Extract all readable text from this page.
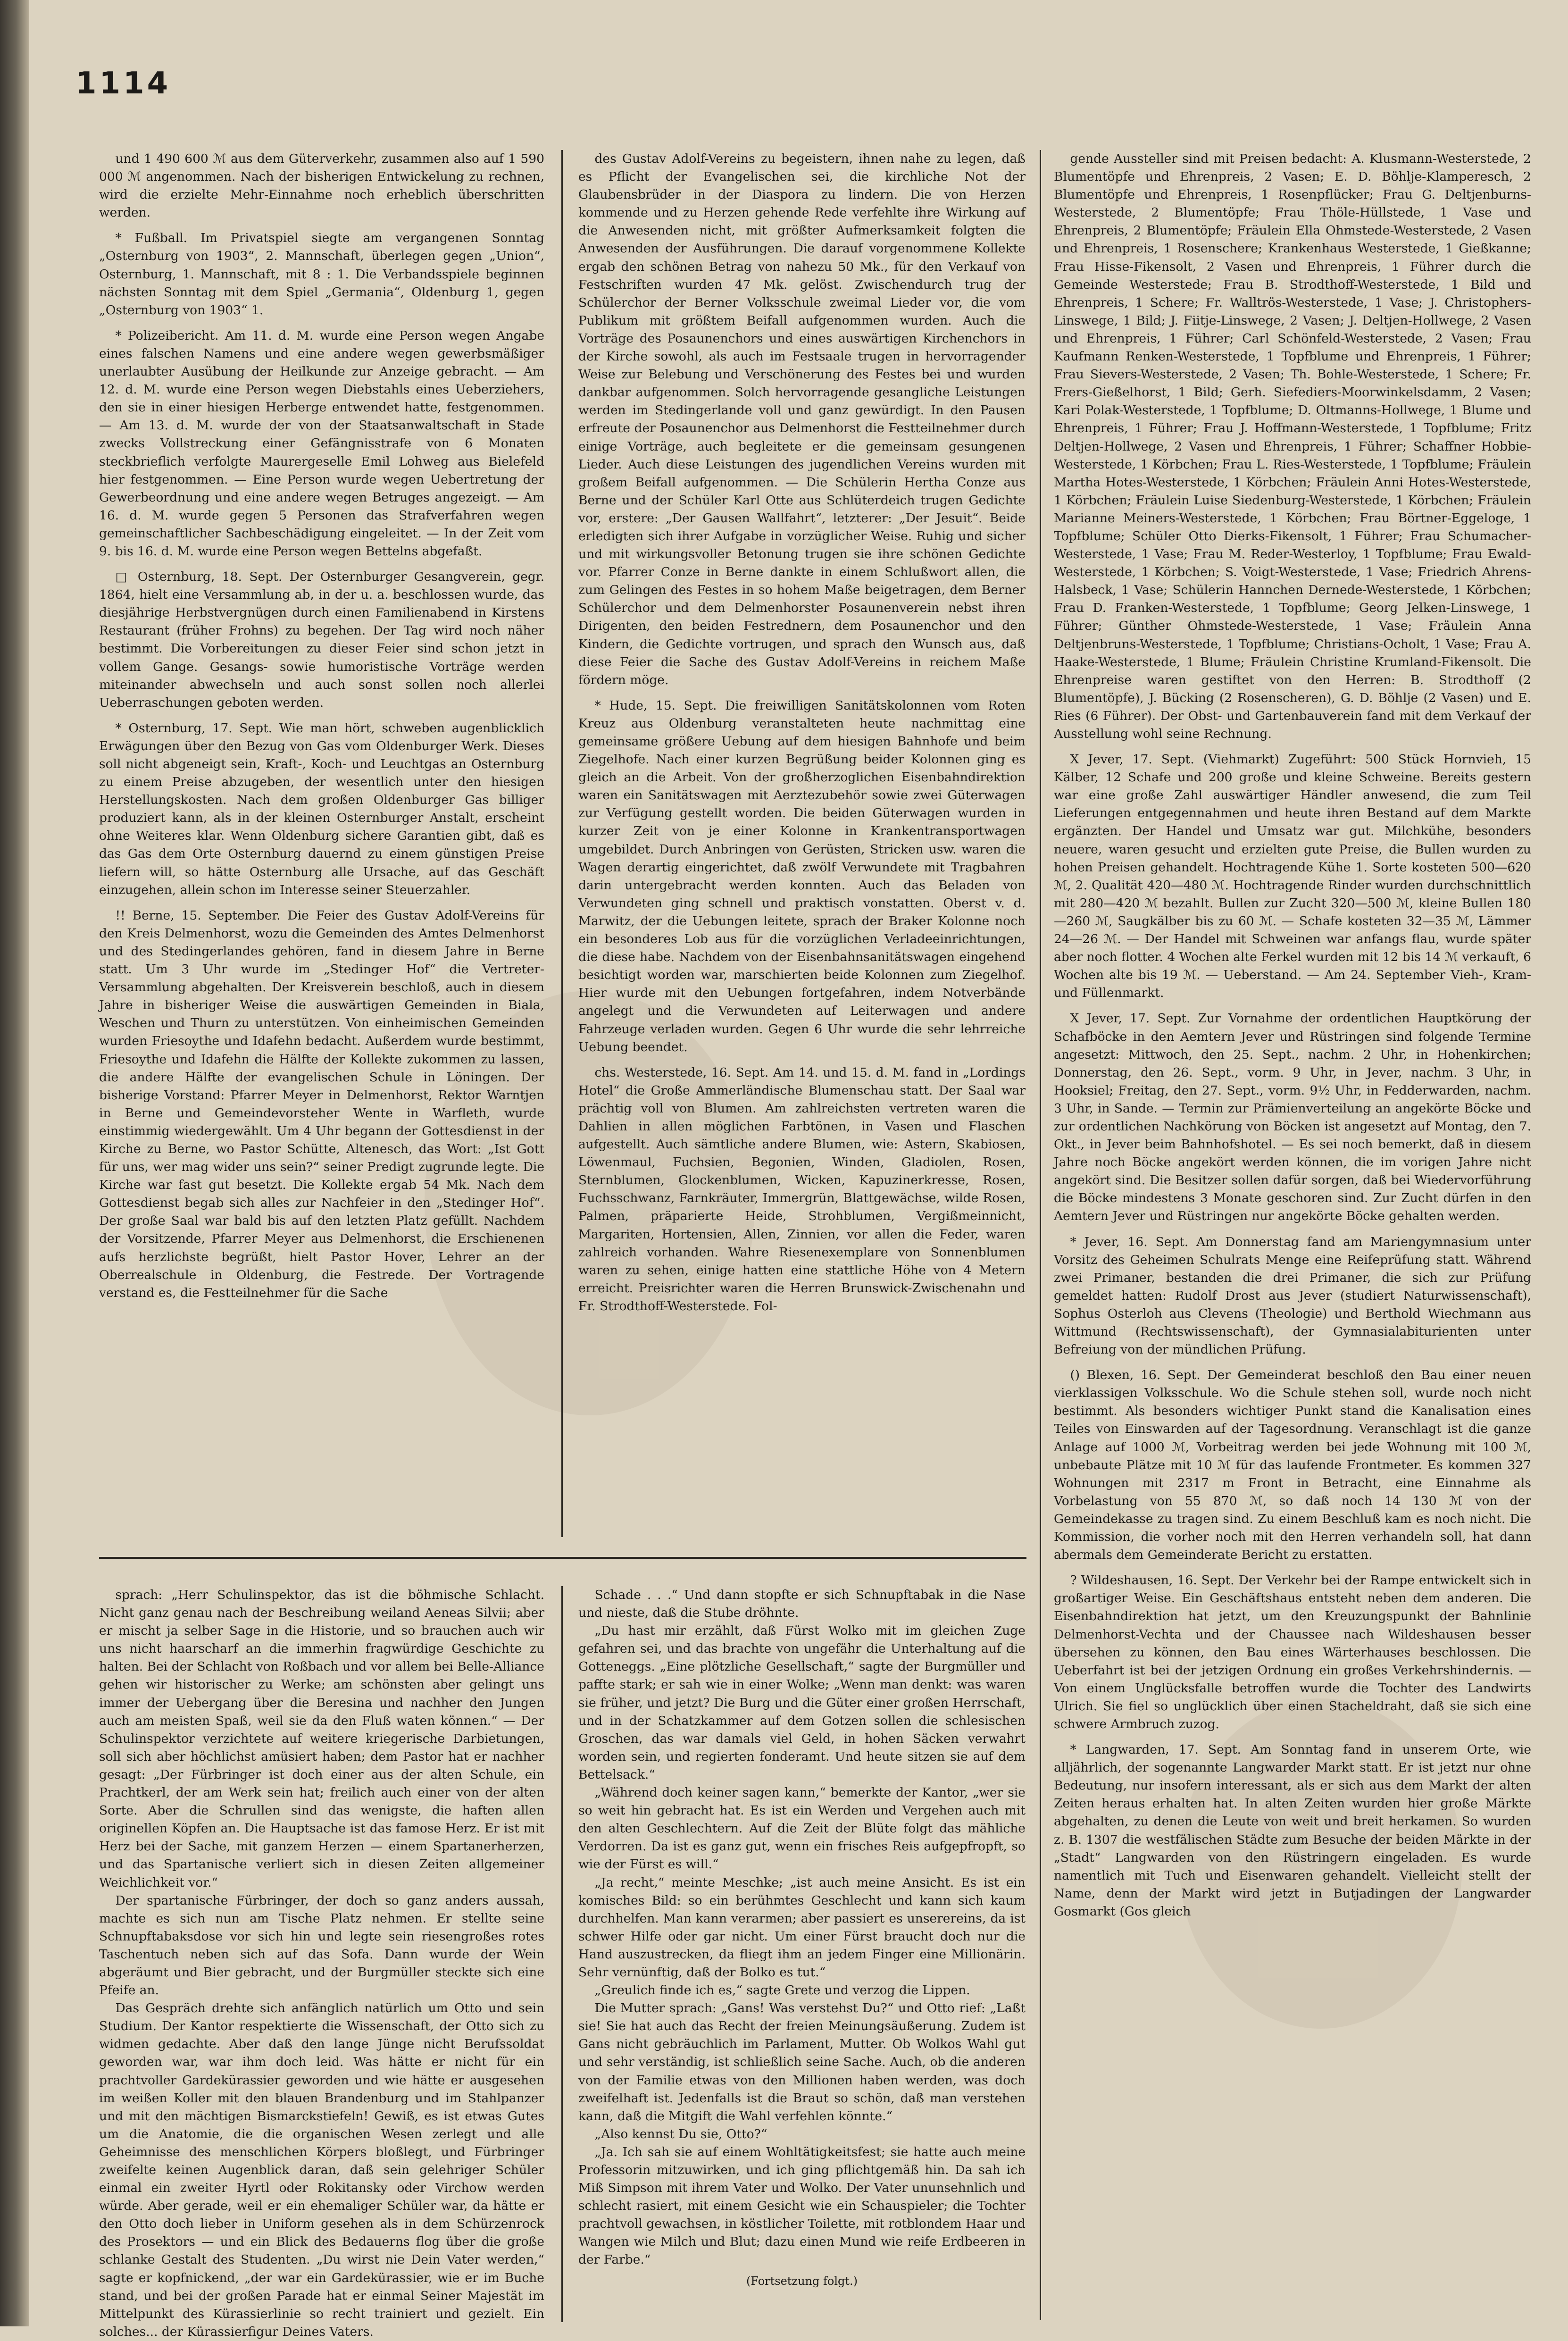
1114

und 1 490 600 ℳ aus dem Güterverkehr, zusammen also auf 1 590 000 ℳ angenommen. Nach der bisherigen Entwickelung zu rechnen, wird die erzielte Mehr-Einnahme noch erheblich überschritten werden.

* Fußball. Im Privatspiel siegte am vergangenen Sonntag „Osternburg von 1903“, 2. Mannschaft, überlegen gegen „Union“, Osternburg, 1. Mannschaft, mit 8 : 1. Die Verbandsspiele beginnen nächsten Sonntag mit dem Spiel „Germania“, Oldenburg 1, gegen „Osternburg von 1903“ 1.

* Polizeibericht. Am 11. d. M. wurde eine Person wegen Angabe eines falschen Namens und eine andere wegen gewerbsmäßiger unerlaubter Ausübung der Heilkunde zur Anzeige gebracht. — Am 12. d. M. wurde eine Person wegen Diebstahls eines Ueberziehers, den sie in einer hiesigen Herberge entwendet hatte, festgenommen. — Am 13. d. M. wurde der von der Staatsanwaltschaft in Stade zwecks Vollstreckung einer Gefängnisstrafe von 6 Monaten steckbrieflich verfolgte Maurergeselle Emil Lohweg aus Bielefeld hier festgenommen. — Eine Person wurde wegen Uebertretung der Gewerbeordnung und eine andere wegen Betruges angezeigt. — Am 16. d. M. wurde gegen 5 Personen das Strafverfahren wegen gemeinschaftlicher Sachbeschädigung eingeleitet. — In der Zeit vom 9. bis 16. d. M. wurde eine Person wegen Bettelns abgefaßt.

□ Osternburg, 18. Sept. Der Osternburger Gesangverein, gegr. 1864, hielt eine Versammlung ab, in der u. a. beschlossen wurde, das diesjährige Herbstvergnügen durch einen Familienabend in Kirstens Restaurant (früher Frohns) zu begehen. Der Tag wird noch näher bestimmt. Die Vorbereitungen zu dieser Feier sind schon jetzt in vollem Gange. Gesangs- sowie humoristische Vorträge werden miteinander abwechseln und auch sonst sollen noch allerlei Ueberraschungen geboten werden.

* Osternburg, 17. Sept. Wie man hört, schweben augenblicklich Erwägungen über den Bezug von Gas vom Oldenburger Werk. Dieses soll nicht abgeneigt sein, Kraft-, Koch- und Leuchtgas an Osternburg zu einem Preise abzugeben, der wesentlich unter den hiesigen Herstellungskosten. Nach dem großen Oldenburger Gas billiger produziert kann, als in der kleinen Osternburger Anstalt, erscheint ohne Weiteres klar. Wenn Oldenburg sichere Garantien gibt, daß es das Gas dem Orte Osternburg dauernd zu einem günstigen Preise liefern will, so hätte Osternburg alle Ursache, auf das Geschäft einzugehen, allein schon im Interesse seiner Steuerzahler.

!! Berne, 15. September. Die Feier des Gustav Adolf-Vereins für den Kreis Delmenhorst, wozu die Gemeinden des Amtes Delmenhorst und des Stedingerlandes gehören, fand in diesem Jahre in Berne statt. Um 3 Uhr wurde im „Stedinger Hof“ die Vertreter-Versammlung abgehalten. Der Kreisverein beschloß, auch in diesem Jahre in bisheriger Weise die auswärtigen Gemeinden in Biala, Weschen und Thurn zu unterstützen. Von einheimischen Gemeinden wurden Friesoythe und Idafehn bedacht. Außerdem wurde bestimmt, Friesoythe und Idafehn die Hälfte der Kollekte zukommen zu lassen, die andere Hälfte der evangelischen Schule in Löningen. Der bisherige Vorstand: Pfarrer Meyer in Delmenhorst, Rektor Warntjen in Berne und Gemeindevorsteher Wente in Warfleth, wurde einstimmig wiedergewählt. Um 4 Uhr begann der Gottesdienst in der Kirche zu Berne, wo Pastor Schütte, Altenesch, das Wort: „Ist Gott für uns, wer mag wider uns sein?“ seiner Predigt zugrunde legte. Die Kirche war fast gut besetzt. Die Kollekte ergab 54 Mk. Nach dem Gottesdienst begab sich alles zur Nachfeier in den „Stedinger Hof“. Der große Saal war bald bis auf den letzten Platz gefüllt. Nachdem der Vorsitzende, Pfarrer Meyer aus Delmenhorst, die Erschienenen aufs herzlichste begrüßt, hielt Pastor Hover, Lehrer an der Oberrealschule in Oldenburg, die Festrede. Der Vortragende verstand es, die Festteilnehmer für die Sache

des Gustav Adolf-Vereins zu begeistern, ihnen nahe zu legen, daß es Pflicht der Evangelischen sei, die kirchliche Not der Glaubensbrüder in der Diaspora zu lindern. Die von Herzen kommende und zu Herzen gehende Rede verfehlte ihre Wirkung auf die Anwesenden nicht, mit größter Aufmerksamkeit folgten die Anwesenden der Ausführungen. Die darauf vorgenommene Kollekte ergab den schönen Betrag von nahezu 50 Mk., für den Verkauf von Festschriften wurden 47 Mk. gelöst. Zwischendurch trug der Schülerchor der Berner Volksschule zweimal Lieder vor, die vom Publikum mit größtem Beifall aufgenommen wurden. Auch die Vorträge des Posaunenchors und eines auswärtigen Kirchenchors in der Kirche sowohl, als auch im Festsaale trugen in hervorragender Weise zur Belebung und Verschönerung des Festes bei und wurden dankbar aufgenommen. Solch hervorragende gesangliche Leistungen werden im Stedingerlande voll und ganz gewürdigt. In den Pausen erfreute der Posaunenchor aus Delmenhorst die Festteilnehmer durch einige Vorträge, auch begleitete er die gemeinsam gesungenen Lieder. Auch diese Leistungen des jugendlichen Vereins wurden mit großem Beifall aufgenommen. — Die Schülerin Hertha Conze aus Berne und der Schüler Karl Otte aus Schlüterdeich trugen Gedichte vor, erstere: „Der Gausen Wallfahrt“, letzterer: „Der Jesuit“. Beide erledigten sich ihrer Aufgabe in vorzüglicher Weise. Ruhig und sicher und mit wirkungsvoller Betonung trugen sie ihre schönen Gedichte vor. Pfarrer Conze in Berne dankte in einem Schlußwort allen, die zum Gelingen des Festes in so hohem Maße beigetragen, dem Berner Schülerchor und dem Delmenhorster Posaunenverein nebst ihren Dirigenten, den beiden Festrednern, dem Posaunenchor und den Kindern, die Gedichte vortrugen, und sprach den Wunsch aus, daß diese Feier die Sache des Gustav Adolf-Vereins in reichem Maße fördern möge.

* Hude, 15. Sept. Die freiwilligen Sanitätskolonnen vom Roten Kreuz aus Oldenburg veranstalteten heute nachmittag eine gemeinsame größere Uebung auf dem hiesigen Bahnhofe und beim Ziegelhofe. Nach einer kurzen Begrüßung beider Kolonnen ging es gleich an die Arbeit. Von der großherzoglichen Eisenbahndirektion waren ein Sanitätswagen mit Aerztezubehör sowie zwei Güterwagen zur Verfügung gestellt worden. Die beiden Güterwagen wurden in kurzer Zeit von je einer Kolonne in Krankentransportwagen umgebildet. Durch Anbringen von Gerüsten, Stricken usw. waren die Wagen derartig eingerichtet, daß zwölf Verwundete mit Tragbahren darin untergebracht werden konnten. Auch das Beladen von Verwundeten ging schnell und praktisch vonstatten. Oberst v. d. Marwitz, der die Uebungen leitete, sprach der Braker Kolonne noch ein besonderes Lob aus für die vorzüglichen Verladeeinrichtungen, die diese habe. Nachdem von der Eisenbahnsanitätswagen eingehend besichtigt worden war, marschierten beide Kolonnen zum Ziegelhof. Hier wurde mit den Uebungen fortgefahren, indem Notverbände angelegt und die Verwundeten auf Leiterwagen und andere Fahrzeuge verladen wurden. Gegen 6 Uhr wurde die sehr lehrreiche Uebung beendet.

chs. Westerstede, 16. Sept. Am 14. und 15. d. M. fand in „Lordings Hotel“ die Große Ammerländische Blumenschau statt. Der Saal war prächtig voll von Blumen. Am zahlreichsten vertreten waren die Dahlien in allen möglichen Farbtönen, in Vasen und Flaschen aufgestellt. Auch sämtliche andere Blumen, wie: Astern, Skabiosen, Löwenmaul, Fuchsien, Begonien, Winden, Gladiolen, Rosen, Sternblumen, Glockenblumen, Wicken, Kapuzinerkresse, Rosen, Fuchsschwanz, Farnkräuter, Immergrün, Blattgewächse, wilde Rosen, Palmen, präparierte Heide, Strohblumen, Vergißmeinnicht, Margariten, Hortensien, Allen, Zinnien, vor allen die Feder, waren zahlreich vorhanden. Wahre Riesenexemplare von Sonnenblumen waren zu sehen, einige hatten eine stattliche Höhe von 4 Metern erreicht. Preisrichter waren die Herren Brunswick-Zwischenahn und Fr. Strodthoff-Westerstede. Fol-

gende Aussteller sind mit Preisen bedacht: A. Klusmann-Westerstede, 2 Blumentöpfe und Ehrenpreis, 2 Vasen; E. D. Böhlje-Klamperesch, 2 Blumentöpfe und Ehrenpreis, 1 Rosenpflücker; Frau G. Deltjenburns-Westerstede, 2 Blumentöpfe; Frau Thöle-Hüllstede, 1 Vase und Ehrenpreis, 2 Blumentöpfe; Fräulein Ella Ohmstede-Westerstede, 2 Vasen und Ehrenpreis, 1 Rosenschere; Krankenhaus Westerstede, 1 Gießkanne; Frau Hisse-Fikensolt, 2 Vasen und Ehrenpreis, 1 Führer durch die Gemeinde Westerstede; Frau B. Strodthoff-Westerstede, 1 Bild und Ehrenpreis, 1 Schere; Fr. Walltrös-Westerstede, 1 Vase; J. Christophers-Linswege, 1 Bild; J. Fiitje-Linswege, 2 Vasen; J. Deltjen-Hollwege, 2 Vasen und Ehrenpreis, 1 Führer; Carl Schönfeld-Westerstede, 2 Vasen; Frau Kaufmann Renken-Westerstede, 1 Topfblume und Ehrenpreis, 1 Führer; Frau Sievers-Westerstede, 2 Vasen; Th. Bohle-Westerstede, 1 Schere; Fr. Frers-Gießelhorst, 1 Bild; Gerh. Siefediers-Moorwinkelsdamm, 2 Vasen; Kari Polak-Westerstede, 1 Topfblume; D. Oltmanns-Hollwege, 1 Blume und Ehrenpreis, 1 Führer; Frau J. Hoffmann-Westerstede, 1 Topfblume; Fritz Deltjen-Hollwege, 2 Vasen und Ehrenpreis, 1 Führer; Schaffner Hobbie-Westerstede, 1 Körbchen; Frau L. Ries-Westerstede, 1 Topfblume; Fräulein Martha Hotes-Westerstede, 1 Körbchen; Fräulein Anni Hotes-Westerstede, 1 Körbchen; Fräulein Luise Siedenburg-Westerstede, 1 Körbchen; Fräulein Marianne Meiners-Westerstede, 1 Körbchen; Frau Börtner-Eggeloge, 1 Topfblume; Schüler Otto Dierks-Fikensolt, 1 Führer; Frau Schumacher-Westerstede, 1 Vase; Frau M. Reder-Westerloy, 1 Topfblume; Frau Ewald-Westerstede, 1 Körbchen; S. Voigt-Westerstede, 1 Vase; Friedrich Ahrens-Halsbeck, 1 Vase; Schülerin Hannchen Dernede-Westerstede, 1 Körbchen; Frau D. Franken-Westerstede, 1 Topfblume; Georg Jelken-Linswege, 1 Führer; Günther Ohmstede-Westerstede, 1 Vase; Fräulein Anna Deltjenbruns-Westerstede, 1 Topfblume; Christians-Ocholt, 1 Vase; Frau A. Haake-Westerstede, 1 Blume; Fräulein Christine Krumland-Fikensolt. Die Ehrenpreise waren gestiftet von den Herren: B. Strodthoff (2 Blumentöpfe), J. Bücking (2 Rosenscheren), G. D. Böhlje (2 Vasen) und E. Ries (6 Führer). Der Obst- und Gartenbauverein fand mit dem Verkauf der Ausstellung wohl seine Rechnung.

X Jever, 17. Sept. (Viehmarkt) Zugeführt: 500 Stück Hornvieh, 15 Kälber, 12 Schafe und 200 große und kleine Schweine. Bereits gestern war eine große Zahl auswärtiger Händler anwesend, die zum Teil Lieferungen entgegennahmen und heute ihren Bestand auf dem Markte ergänzten. Der Handel und Umsatz war gut. Milchkühe, besonders neuere, waren gesucht und erzielten gute Preise, die Bullen wurden zu hohen Preisen gehandelt. Hochtragende Kühe 1. Sorte kosteten 500—620 ℳ, 2. Qualität 420—480 ℳ. Hochtragende Rinder wurden durchschnittlich mit 280—420 ℳ bezahlt. Bullen zur Zucht 320—500 ℳ, kleine Bullen 180—260 ℳ, Saugkälber bis zu 60 ℳ. — Schafe kosteten 32—35 ℳ, Lämmer 24—26 ℳ. — Der Handel mit Schweinen war anfangs flau, wurde später aber noch flotter. 4 Wochen alte Ferkel wurden mit 12 bis 14 ℳ verkauft, 6 Wochen alte bis 19 ℳ. — Ueberstand. — Am 24. September Vieh-, Kram- und Füllenmarkt.

X Jever, 17. Sept. Zur Vornahme der ordentlichen Hauptkörung der Schafböcke in den Aemtern Jever und Rüstringen sind folgende Termine angesetzt: Mittwoch, den 25. Sept., nachm. 2 Uhr, in Hohenkirchen; Donnerstag, den 26. Sept., vorm. 9 Uhr, in Jever, nachm. 3 Uhr, in Hooksiel; Freitag, den 27. Sept., vorm. 9½ Uhr, in Fedderwarden, nachm. 3 Uhr, in Sande. — Termin zur Prämienverteilung an angekörte Böcke und zur ordentlichen Nachkörung von Böcken ist angesetzt auf Montag, den 7. Okt., in Jever beim Bahnhofshotel. — Es sei noch bemerkt, daß in diesem Jahre noch Böcke angekört werden können, die im vorigen Jahre nicht angekört sind. Die Besitzer sollen dafür sorgen, daß bei Wiedervorführung die Böcke mindestens 3 Monate geschoren sind. Zur Zucht dürfen in den Aemtern Jever und Rüstringen nur angekörte Böcke gehalten werden.

* Jever, 16. Sept. Am Donnerstag fand am Mariengymnasium unter Vorsitz des Geheimen Schulrats Menge eine Reifeprüfung statt. Während zwei Primaner, bestanden die drei Primaner, die sich zur Prüfung gemeldet hatten: Rudolf Drost aus Jever (studiert Naturwissenschaft), Sophus Osterloh aus Clevens (Theologie) und Berthold Wiechmann aus Wittmund (Rechtswissenschaft), der Gymnasialabiturienten unter Befreiung von der mündlichen Prüfung.

() Blexen, 16. Sept. Der Gemeinderat beschloß den Bau einer neuen vierklassigen Volksschule. Wo die Schule stehen soll, wurde noch nicht bestimmt. Als besonders wichtiger Punkt stand die Kanalisation eines Teiles von Einswarden auf der Tagesordnung. Veranschlagt ist die ganze Anlage auf 1000 ℳ, Vorbeitrag werden bei jede Wohnung mit 100 ℳ, unbebaute Plätze mit 10 ℳ für das laufende Frontmeter. Es kommen 327 Wohnungen mit 2317 m Front in Betracht, eine Einnahme als Vorbelastung von 55 870 ℳ, so daß noch 14 130 ℳ von der Gemeindekasse zu tragen sind. Zu einem Beschluß kam es noch nicht. Die Kommission, die vorher noch mit den Herren verhandeln soll, hat dann abermals dem Gemeinderate Bericht zu erstatten.

? Wildeshausen, 16. Sept. Der Verkehr bei der Rampe entwickelt sich in großartiger Weise. Ein Geschäftshaus entsteht neben dem anderen. Die Eisenbahndirektion hat jetzt, um den Kreuzungspunkt der Bahnlinie Delmenhorst-Vechta und der Chaussee nach Wildeshausen besser übersehen zu können, den Bau eines Wärterhauses beschlossen. Die Ueberfahrt ist bei der jetzigen Ordnung ein großes Verkehrshindernis. — Von einem Unglücksfalle betroffen wurde die Tochter des Landwirts Ulrich. Sie fiel so unglücklich über einen Stacheldraht, daß sie sich eine schwere Armbruch zuzog.

* Langwarden, 17. Sept. Am Sonntag fand in unserem Orte, wie alljährlich, der sogenannte Langwarder Markt statt. Er ist jetzt nur ohne Bedeutung, nur insofern interessant, als er sich aus dem Markt der alten Zeiten heraus erhalten hat. In alten Zeiten wurden hier große Märkte abgehalten, zu denen die Leute von weit und breit herkamen. So wurden z. B. 1307 die westfälischen Städte zum Besuche der beiden Märkte in der „Stadt“ Langwarden von den Rüstringern eingeladen. Es wurde namentlich mit Tuch und Eisenwaren gehandelt. Vielleicht stellt der Name, denn der Markt wird jetzt in Butjadingen der Langwarder Gosmarkt (Gos gleich

sprach: „Herr Schulinspektor, das ist die böhmische Schlacht. Nicht ganz genau nach der Beschreibung weiland Aeneas Silvii; aber er mischt ja selber Sage in die Historie, und so brauchen auch wir uns nicht haarscharf an die immerhin fragwürdige Geschichte zu halten. Bei der Schlacht von Roßbach und vor allem bei Belle-Alliance gehen wir historischer zu Werke; am schönsten aber gelingt uns immer der Uebergang über die Beresina und nachher den Jungen auch am meisten Spaß, weil sie da den Fluß waten können.“ — Der Schulinspektor verzichtete auf weitere kriegerische Darbietungen, soll sich aber höchlichst amüsiert haben; dem Pastor hat er nachher gesagt: „Der Fürbringer ist doch einer aus der alten Schule, ein Prachtkerl, der am Werk sein hat; freilich auch einer von der alten Sorte. Aber die Schrullen sind das wenigste, die haften allen originellen Köpfen an. Die Hauptsache ist das famose Herz. Er ist mit Herz bei der Sache, mit ganzem Herzen — einem Spartanerherzen, und das Spartanische verliert sich in diesen Zeiten allgemeiner Weichlichkeit vor.“

Der spartanische Fürbringer, der doch so ganz anders aussah, machte es sich nun am Tische Platz nehmen. Er stellte seine Schnupftabaksdose vor sich hin und legte sein riesengroßes rotes Taschentuch neben sich auf das Sofa. Dann wurde der Wein abgeräumt und Bier gebracht, und der Burgmüller steckte sich eine Pfeife an.

Das Gespräch drehte sich anfänglich natürlich um Otto und sein Studium. Der Kantor respektierte die Wissenschaft, der Otto sich zu widmen gedachte. Aber daß den lange Jünge nicht Berufssoldat geworden war, war ihm doch leid. Was hätte er nicht für ein prachtvoller Gardekürassier geworden und wie hätte er ausgesehen im weißen Koller mit den blauen Brandenburg und im Stahlpanzer und mit den mächtigen Bismarckstiefeln! Gewiß, es ist etwas Gutes um die Anatomie, die die organischen Wesen zerlegt und alle Geheimnisse des menschlichen Körpers bloßlegt, und Fürbringer zweifelte keinen Augenblick daran, daß sein gelehriger Schüler einmal ein zweiter Hyrtl oder Rokitansky oder Virchow werden würde. Aber gerade, weil er ein ehemaliger Schüler war, da hätte er den Otto doch lieber in Uniform gesehen als in dem Schürzenrock des Prosektors — und ein Blick des Bedauerns flog über die große schlanke Gestalt des Studenten. „Du wirst nie Dein Vater werden,“ sagte er kopfnickend, „der war ein Gardekürassier, wie er im Buche stand, und bei der großen Parade hat er einmal Seiner Majestät im Mittelpunkt des Kürassierlinie so recht trainiert und gezielt. Ein solches... der Kürassierfigur Deines Vaters.

Schade . . .“ Und dann stopfte er sich Schnupftabak in die Nase und nieste, daß die Stube dröhnte.

„Du hast mir erzählt, daß Fürst Wolko mit im gleichen Zuge gefahren sei, und das brachte von ungefähr die Unterhaltung auf die Gotteneggs. „Eine plötzliche Gesellschaft,“ sagte der Burgmüller und paffte stark; er sah wie in einer Wolke; „Wenn man denkt: was waren sie früher, und jetzt? Die Burg und die Güter einer großen Herrschaft, und in der Schatzkammer auf dem Gotzen sollen die schlesischen Groschen, das war damals viel Geld, in hohen Säcken verwahrt worden sein, und regierten fonderamt. Und heute sitzen sie auf dem Bettelsack.“

„Während doch keiner sagen kann,“ bemerkte der Kantor, „wer sie so weit hin gebracht hat. Es ist ein Werden und Vergehen auch mit den alten Geschlechtern. Auf die Zeit der Blüte folgt das mähliche Verdorren. Da ist es ganz gut, wenn ein frisches Reis aufgepfropft, so wie der Fürst es will.“

„Ja recht,“ meinte Meschke; „ist auch meine Ansicht. Es ist ein komisches Bild: so ein berühmtes Geschlecht und kann sich kaum durchhelfen. Man kann verarmen; aber passiert es unserereins, da ist schwer Hilfe oder gar nicht. Um einer Fürst braucht doch nur die Hand auszustrecken, da fliegt ihm an jedem Finger eine Millionärin. Sehr vernünftig, daß der Bolko es tut.“

„Greulich finde ich es,“ sagte Grete und verzog die Lippen.

Die Mutter sprach: „Gans! Was verstehst Du?“ und Otto rief: „Laßt sie! Sie hat auch das Recht der freien Meinungsäußerung. Zudem ist Gans nicht gebräuchlich im Parlament, Mutter. Ob Wolkos Wahl gut und sehr verständig, ist schließlich seine Sache. Auch, ob die anderen von der Familie etwas von den Millionen haben werden, was doch zweifelhaft ist. Jedenfalls ist die Braut so schön, daß man verstehen kann, daß die Mitgift die Wahl verfehlen könnte.“

„Also kennst Du sie, Otto?“

„Ja. Ich sah sie auf einem Wohltätigkeitsfest; sie hatte auch meine Professorin mitzuwirken, und ich ging pflichtgemäß hin. Da sah ich Miß Simpson mit ihrem Vater und Wolko. Der Vater ununsehnlich und schlecht rasiert, mit einem Gesicht wie ein Schauspieler; die Tochter prachtvoll gewachsen, in köstlicher Toilette, mit rotblondem Haar und Wangen wie Milch und Blut; dazu einen Mund wie reife Erdbeeren in der Farbe.“

(Fortsetzung folgt.)
